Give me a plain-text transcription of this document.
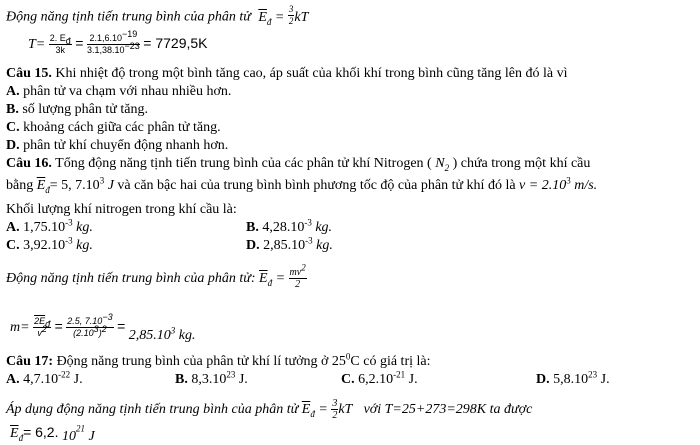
Động năng tịnh tiến trung bình của phân tử $\overline{E}_đ = \frac{3}{2}$ kT
$T= \frac{2. E_đ}{3k} = \frac{2.1,6.10^{-19}}{3.1,38.10^{-23}} = 7729,5K$
Câu 15. Khi nhiệt độ trong một bình tăng cao, áp suất của khối khí trong bình cũng tăng lên đó là vì
A. phân tử va chạm với nhau nhiều hơn.
B. số lượng phân tử tăng.
C. khoảng cách giữa các phân tử tăng.
D. phân tử khí chuyển động nhanh hơn.
Câu 16. Tổng động năng tịnh tiến trung bình của các phân tử khí Nitrogen ( $N_2$ ) chứa trong một khí cầu
bằng $\overline{E}_đ= 5$, 7.10$^3$ J và căn bậc hai của trung bình bình phương tốc độ của phân tử khí đó là $v = 2.10^3$ m/s.
Khối lượng khí nitrogen trong khí cầu là:
A. $1,75.10^{-3}$ kg.	B. $4,28.10^{-3}$ kg.
C. $3,92.10^{-3}$ kg.	D. $2,85.10^{-3}$ kg.
Động năng tịnh tiến trung bình của phân tử: $\overline{E}_đ = \frac{mv^2}{2}$
$m= \frac{2E_đ}{v^2} = \frac{2.5, 7.10^{-3}}{(2.10^3)^2} = 2,85.10^3$ kg.
Câu 17: Động năng trung bình của phân tử khí lí tưởng ở $25^0C$ có giá trị là:
A. $4,7.10^{-22}$ J.	B. 8,3.10$^{23}$ J.	C. $6,2.10^{-21}$ J.	D. 5,8.10$^{23}$ J.
Áp dụng động năng tịnh tiến trung bình của phân tử $\overline{E}_đ = \frac{3}{2}$ kT với T=25+273=298K ta được
$\overline{E}_đ= 6,2$. $10^{21}$ J
